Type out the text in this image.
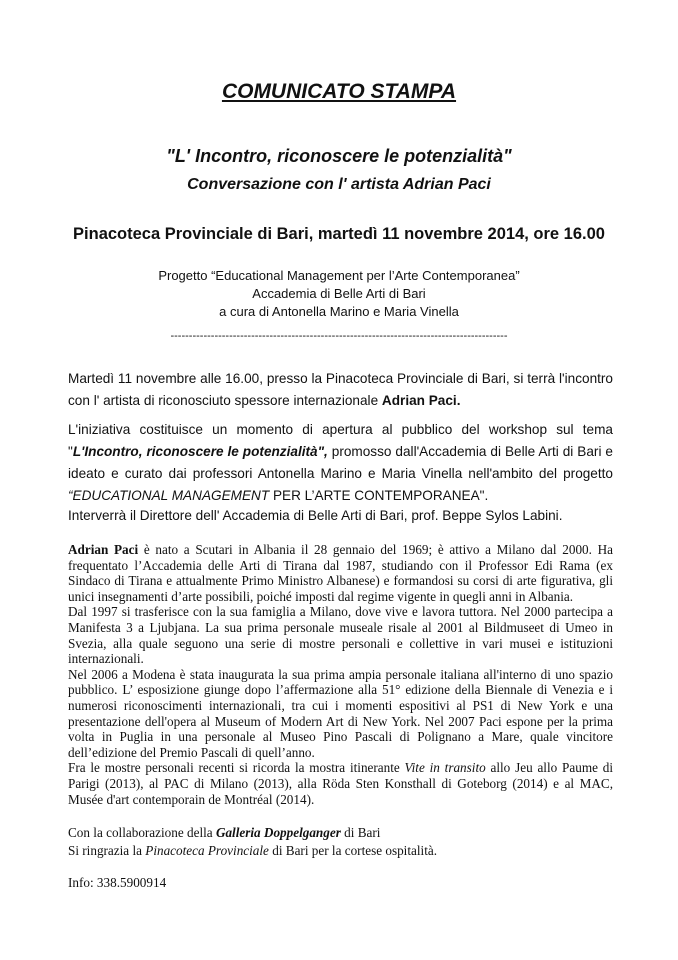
COMUNICATO STAMPA
"L' Incontro, riconoscere le potenzialità"
Conversazione con l' artista Adrian Paci
Pinacoteca Provinciale di Bari, martedì 11 novembre 2014, ore 16.00
Progetto “Educational Management per l’Arte Contemporanea”
Accademia di Belle Arti di Bari
a cura di Antonella Marino e Maria Vinella
--------------------------------------------------------------------------------------------
Martedì 11 novembre alle 16.00, presso la Pinacoteca Provinciale di Bari, si terrà l'incontro con l' artista di riconosciuto spessore internazionale Adrian Paci.
L'iniziativa costituisce un momento di apertura al pubblico del workshop sul tema "L'Incontro, riconoscere le potenzialità", promosso dall'Accademia di Belle Arti di Bari e ideato e curato dai professori Antonella Marino e Maria Vinella nell'ambito del progetto “EDUCATIONAL MANAGEMENT PER L’ARTE CONTEMPORANEA".
Interverrà il Direttore dell' Accademia di Belle Arti di Bari, prof. Beppe Sylos Labini.

Adrian Paci è nato a Scutari in Albania il 28 gennaio del 1969; è attivo a Milano dal 2000. Ha frequentato l’Accademia delle Arti di Tirana dal 1987, studiando con il Professor Edi Rama (ex Sindaco di Tirana e attualmente Primo Ministro Albanese) e formandosi su corsi di arte figurativa, gli unici insegnamenti d’arte possibili, poiché imposti dal regime vigente in quegli anni in Albania.

Dal 1997 si trasferisce con la sua famiglia a Milano, dove vive e lavora tuttora. Nel 2000 partecipa a Manifesta 3 a Ljubjana. La sua prima personale museale risale al 2001 al Bildmuseet di Umeo in Svezia, alla quale seguono una serie di mostre personali e collettive in vari musei e istituzioni internazionali.

Nel 2006 a Modena è stata inaugurata la sua prima ampia personale italiana all'interno di uno spazio pubblico. L’ esposizione giunge dopo l’affermazione alla 51° edizione della Biennale di Venezia e i numerosi riconoscimenti internazionali, tra cui i momenti espositivi al PS1 di New York e una presentazione dell'opera al Museum of Modern Art di New York. Nel 2007 Paci espone per la prima volta in Puglia in una personale al Museo Pino Pascali di Polignano a Mare, quale vincitore dell’edizione del Premio Pascali di quell’anno.

Fra le mostre personali recenti si ricorda la mostra itinerante Vite in transito allo Jeu allo Paume di Parigi (2013), al PAC di Milano (2013), alla Röda Sten Konsthall di Goteborg (2014) e al MAC, Musée d'art contemporain de Montréal (2014).

Con la collaborazione della Galleria Doppelganger di Bari

Si ringrazia la Pinacoteca Provinciale di Bari per la cortese ospitalità.

Info: 338.5900914
